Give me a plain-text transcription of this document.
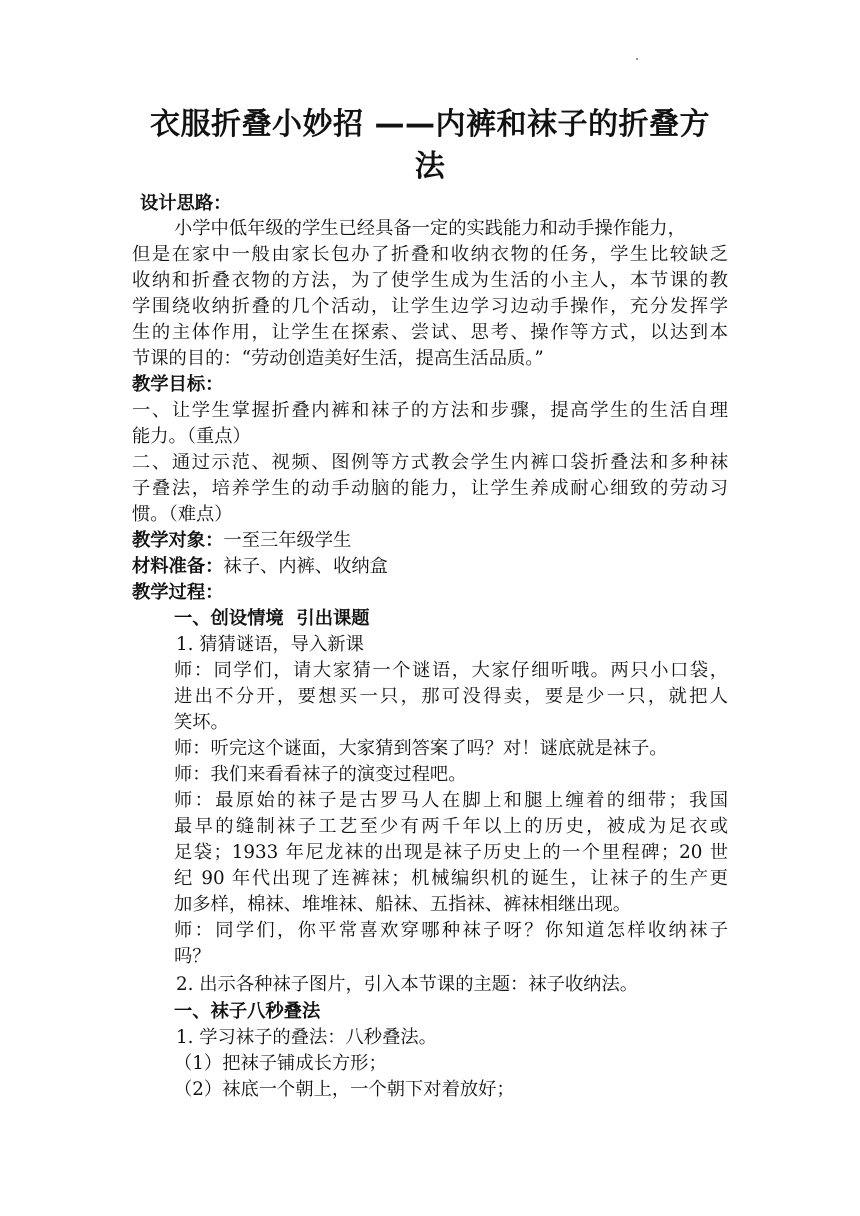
衣服折叠小妙招 ——内裤和袜子的折叠方
法
设计思路：
小学中低年级的学生已经具备一定的实践能力和动手操作能力，
但是在家中一般由家长包办了折叠和收纳衣物的任务，学生比较缺乏
收纳和折叠衣物的方法，为了使学生成为生活的小主人，本节课的教
学围绕收纳折叠的几个活动，让学生边学习边动手操作，充分发挥学
生的主体作用，让学生在探索、尝试、思考、操作等方式，以达到本
节课的目的：“劳动创造美好生活，提高生活品质。”
教学目标：
一、让学生掌握折叠内裤和袜子的方法和步骤，提高学生的生活自理
能力。（重点）
二、通过示范、视频、图例等方式教会学生内裤口袋折叠法和多种袜
子叠法，培养学生的动手动脑的能力，让学生养成耐心细致的劳动习
惯。（难点）
教学对象：一至三年级学生
材料准备：袜子、内裤、收纳盒
教学过程：
一、创设情境  引出课题
1. 猜猜谜语，导入新课
师：同学们，请大家猜一个谜语，大家仔细听哦。两只小口袋，
进出不分开，要想买一只，那可没得卖，要是少一只，就把人
笑坏。
师：听完这个谜面，大家猜到答案了吗？对！谜底就是袜子。
师：我们来看看袜子的演变过程吧。
师：最原始的袜子是古罗马人在脚上和腿上缠着的细带；我国
最早的缝制袜子工艺至少有两千年以上的历史，被成为足衣或
足袋；1933 年尼龙袜的出现是袜子历史上的一个里程碑；20 世
纪 90 年代出现了连裤袜；机械编织机的诞生，让袜子的生产更
加多样，棉袜、堆堆袜、船袜、五指袜、裤袜相继出现。
师：同学们，你平常喜欢穿哪种袜子呀？你知道怎样收纳袜子
吗？
2. 出示各种袜子图片，引入本节课的主题：袜子收纳法。
一、袜子八秒叠法
1. 学习袜子的叠法：八秒叠法。
（1）把袜子铺成长方形；
（2）袜底一个朝上，一个朝下对着放好；
